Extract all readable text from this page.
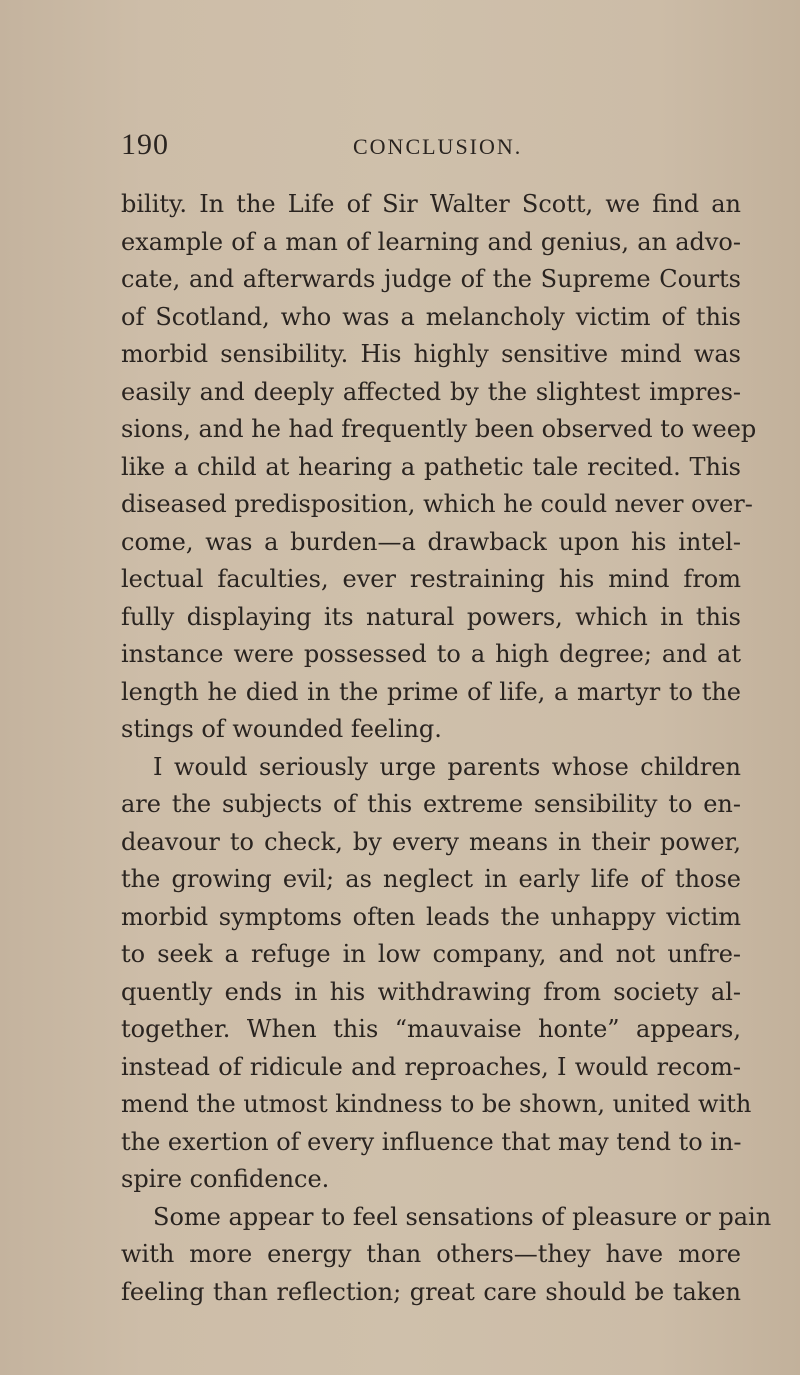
190	CONCLUSION.
bility. In the Life of Sir Walter Scott, we find an
example of a man of learning and genius, an advo-
cate, and afterwards judge of the Supreme Courts
of Scotland, who was a melancholy victim of this
morbid sensibility. His highly sensitive mind was
easily and deeply affected by the slightest impres-
sions, and he had frequently been observed to weep
like a child at hearing a pathetic tale recited. This
diseased predisposition, which he could never over-
come, was a burden—a drawback upon his intel-
lectual faculties, ever restraining his mind from
fully displaying its natural powers, which in this
instance were possessed to a high degree; and at
length he died in the prime of life, a martyr to the
stings of wounded feeling.
I would seriously urge parents whose children
are the subjects of this extreme sensibility to en-
deavour to check, by every means in their power,
the growing evil; as neglect in early life of those
morbid symptoms often leads the unhappy victim
to seek a refuge in low company, and not unfre-
quently ends in his withdrawing from society al-
together. When this “mauvaise honte” appears,
instead of ridicule and reproaches, I would recom-
mend the utmost kindness to be shown, united with
the exertion of every influence that may tend to in-
spire confidence.
Some appear to feel sensations of pleasure or pain
with more energy than others—they have more
feeling than reflection; great care should be taken
